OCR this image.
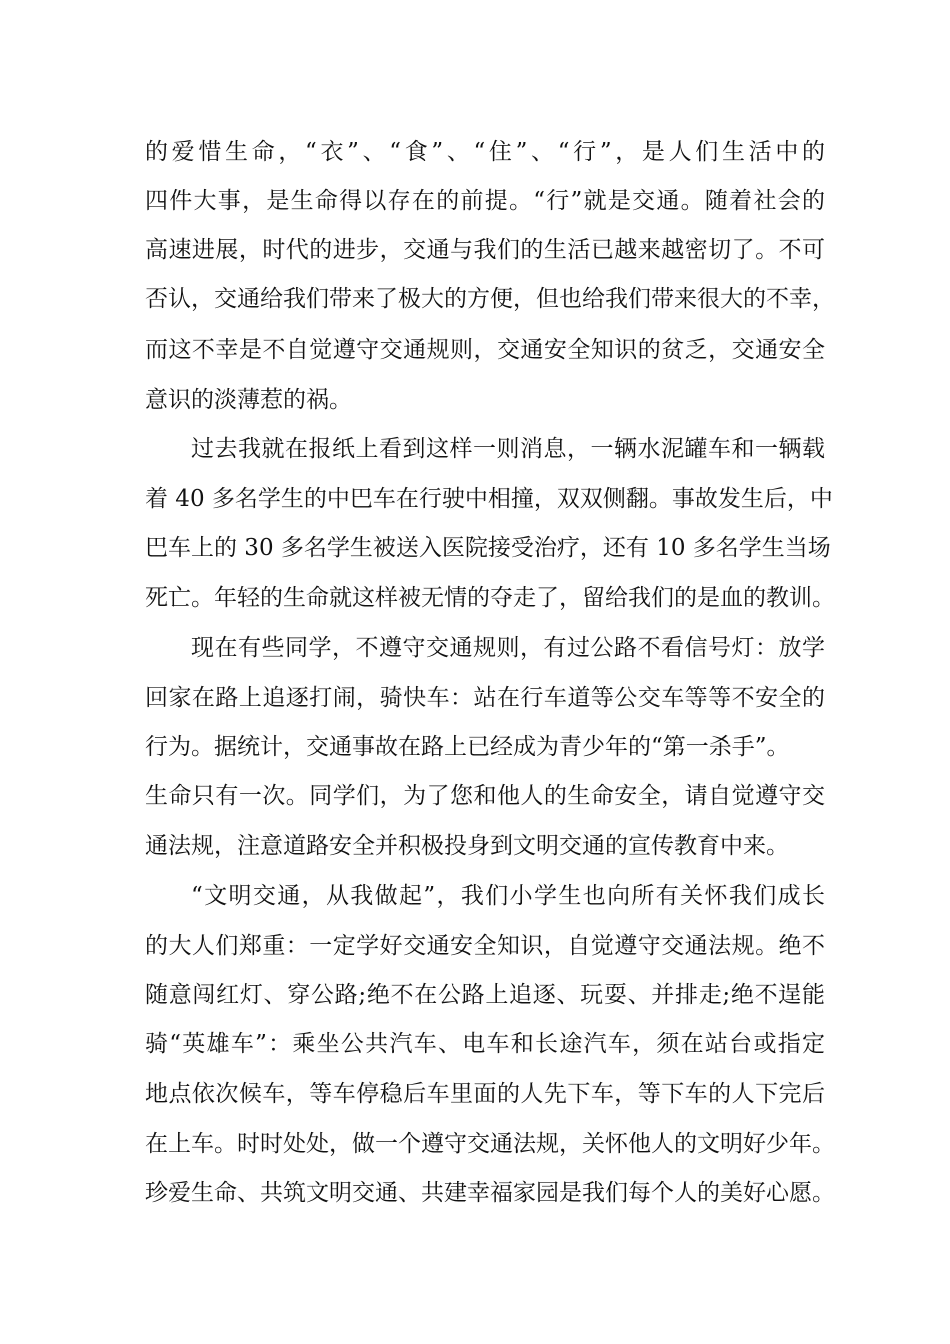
的爱惜生命，“衣”、“食”、“住”、“行”，是人们生活中的
四件大事，是生命得以存在的前提。“行”就是交通。随着社会的
高速进展，时代的进步，交通与我们的生活已越来越密切了。不可
否认，交通给我们带来了极大的方便，但也给我们带来很大的不幸，
而这不幸是不自觉遵守交通规则，交通安全知识的贫乏，交通安全
意识的淡薄惹的祸。
过去我就在报纸上看到这样一则消息，一辆水泥罐车和一辆载
着 40 多名学生的中巴车在行驶中相撞，双双侧翻。事故发生后，中
巴车上的 30 多名学生被送入医院接受治疗，还有 10 多名学生当场
死亡。年轻的生命就这样被无情的夺走了，留给我们的是血的教训。
现在有些同学，不遵守交通规则，有过公路不看信号灯：放学
回家在路上追逐打闹，骑快车：站在行车道等公交车等等不安全的
行为。据统计，交通事故在路上已经成为青少年的“第一杀手”。
生命只有一次。同学们，为了您和他人的生命安全，请自觉遵守交
通法规，注意道路安全并积极投身到文明交通的宣传教育中来。
“文明交通，从我做起”，我们小学生也向所有关怀我们成长
的大人们郑重：一定学好交通安全知识，自觉遵守交通法规。绝不
随意闯红灯、穿公路;绝不在公路上追逐、玩耍、并排走;绝不逞能
骑“英雄车”：乘坐公共汽车、电车和长途汽车，须在站台或指定
地点依次候车，等车停稳后车里面的人先下车，等下车的人下完后
在上车。时时处处，做一个遵守交通法规，关怀他人的文明好少年。
珍爱生命、共筑文明交通、共建幸福家园是我们每个人的美好心愿。
